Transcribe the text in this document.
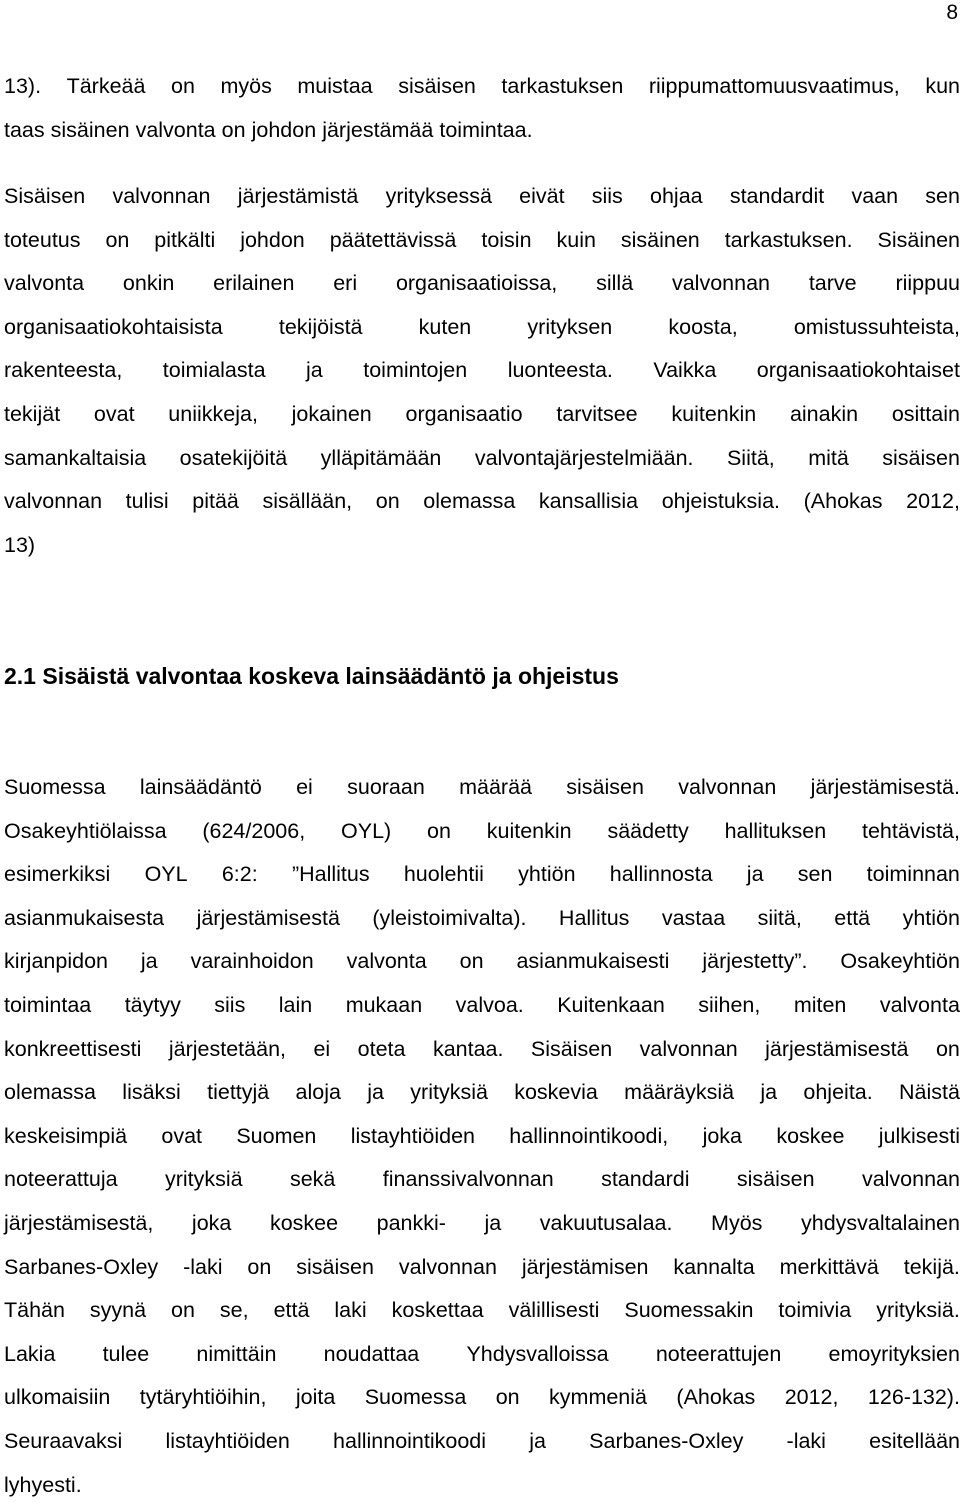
8
13). Tärkeää on myös muistaa sisäisen tarkastuksen riippumattomuusvaatimus, kun
taas sisäinen valvonta on johdon järjestämää toimintaa.
Sisäisen valvonnan järjestämistä yrityksessä eivät siis ohjaa standardit vaan sen
toteutus on pitkälti johdon päätettävissä toisin kuin sisäinen tarkastuksen. Sisäinen
valvonta onkin erilainen eri organisaatioissa, sillä valvonnan tarve riippuu
organisaatiokohtaisista	tekijöistä	kuten	yrityksen	koosta,	omistussuhteista,
rakenteesta, toimialasta ja toimintojen luonteesta. Vaikka organisaatiokohtaiset
tekijät ovat uniikkeja, jokainen organisaatio tarvitsee kuitenkin ainakin osittain
samankaltaisia osatekijöitä ylläpitämään valvontajärjestelmiään. Siitä, mitä sisäisen
valvonnan tulisi pitää sisällään, on olemassa kansallisia ohjeistuksia. (Ahokas 2012,
13)
2.1 Sisäistä valvontaa koskeva lainsäädäntö ja ohjeistus
Suomessa lainsäädäntö ei suoraan määrää sisäisen valvonnan järjestämisestä.
Osakeyhtiölaissa (624/2006, OYL) on kuitenkin säädetty hallituksen tehtävistä,
esimerkiksi OYL 6:2: ”Hallitus huolehtii yhtiön hallinnosta ja sen toiminnan
asianmukaisesta järjestämisestä (yleistoimivalta). Hallitus vastaa siitä, että yhtiön
kirjanpidon ja varainhoidon valvonta on asianmukaisesti järjestetty”. Osakeyhtiön
toimintaa täytyy siis lain mukaan valvoa. Kuitenkaan siihen, miten valvonta
konkreettisesti järjestetään, ei oteta kantaa. Sisäisen valvonnan järjestämisestä on
olemassa lisäksi tiettyjä aloja ja yrityksiä koskevia määräyksiä ja ohjeita. Näistä
keskeisimpiä ovat Suomen listayhtiöiden hallinnointikoodi, joka koskee julkisesti
noteerattuja yrityksiä sekä finanssivalvonnan standardi sisäisen valvonnan
järjestämisestä, joka koskee pankki- ja vakuutusalaa. Myös yhdysvaltalainen
Sarbanes-Oxley -laki on sisäisen valvonnan järjestämisen kannalta merkittävä tekijä.
Tähän syynä on se, että laki koskettaa välillisesti Suomessakin toimivia yrityksiä.
Lakia tulee nimittäin noudattaa Yhdysvalloissa noteerattujen emoyrityksien
ulkomaisiin tytäryhtiöihin, joita Suomessa on kymmeniä (Ahokas 2012, 126-132).
Seuraavaksi listayhtiöiden hallinnointikoodi ja Sarbanes-Oxley -laki esitellään
lyhyesti.
